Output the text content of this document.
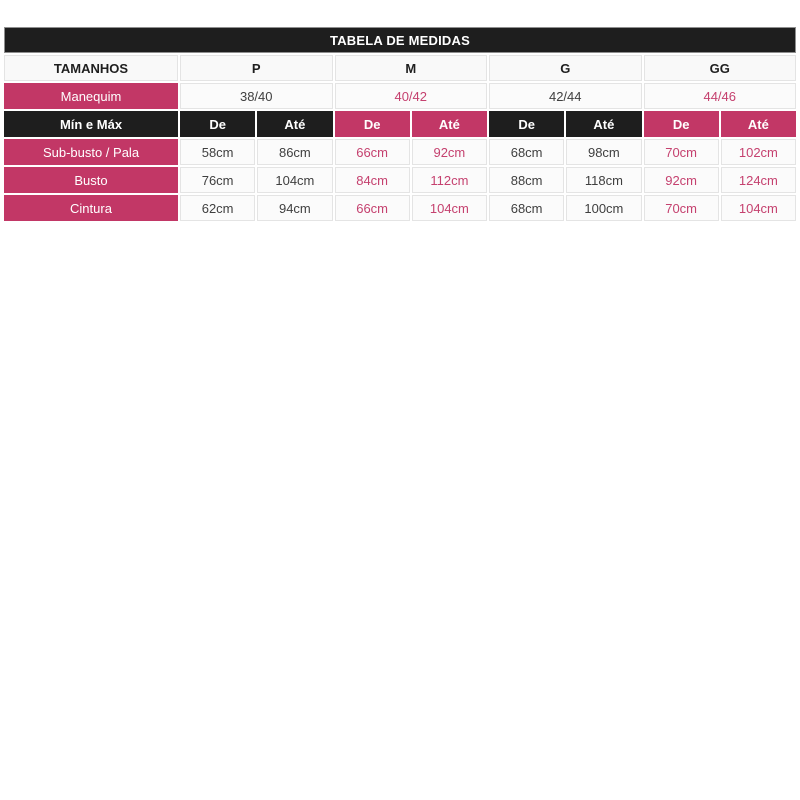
TABELA DE MEDIDAS								
TAMANHOS	P		M		G		GG	
Manequim	38/40		40/42		42/44		44/46	
Mín e Máx	De	Até	De	Até	De	Até	De	Até
Sub-busto / Pala	58cm	86cm	66cm	92cm	68cm	98cm	70cm	102cm
Busto	76cm	104cm	84cm	112cm	88cm	118cm	92cm	124cm
Cintura	62cm	94cm	66cm	104cm	68cm	100cm	70cm	104cm
